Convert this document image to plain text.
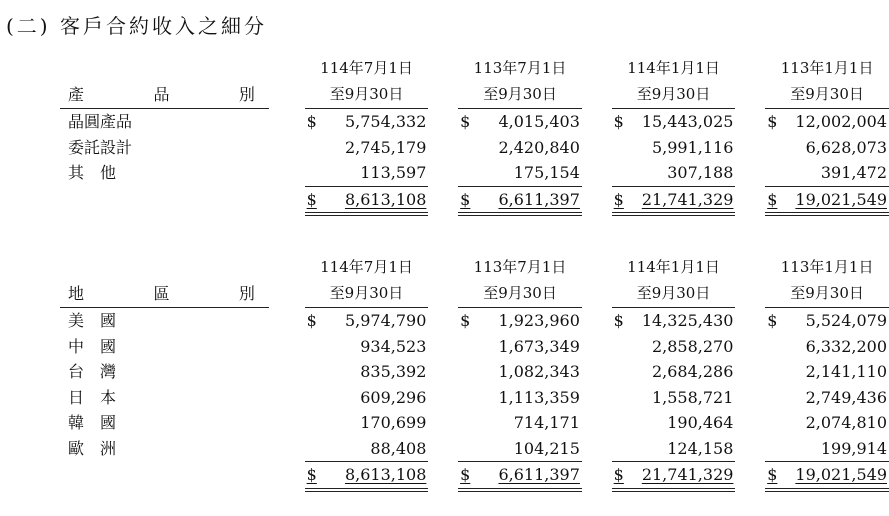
(二) 客戶合約收入之細分
		114年7月1日		113年7月1日		114年1月1日		113年1月1日

產 品 別		至9月30日		至9月30日		至9月30日		至9月30日
晶圓產品		$ 5,754,332		$ 4,015,403		$ 15,443,025		$ 12,002,004
委託設計		2,745,179		2,420,840		5,991,116		6,628,073
其　他		113,597		175,154		307,188		391,472

		$ 8,613,108		$ 6,611,397		$ 21,741,329		$ 19,021,549
		114年7月1日		113年7月1日		114年1月1日		113年1月1日

地 區 別		至9月30日		至9月30日		至9月30日		至9月30日
美　國		$ 5,974,790		$ 1,923,960		$ 14,325,430		$ 5,524,079
中　國		934,523		1,673,349		2,858,270		6,332,200
台　灣		835,392		1,082,343		2,684,286		2,141,110
日　本		609,296		1,113,359		1,558,721		2,749,436
韓　國		170,699		714,171		190,464		2,074,810
歐　洲		88,408		104,215		124,158		199,914

		$ 8,613,108		$ 6,611,397		$ 21,741,329		$ 19,021,549
